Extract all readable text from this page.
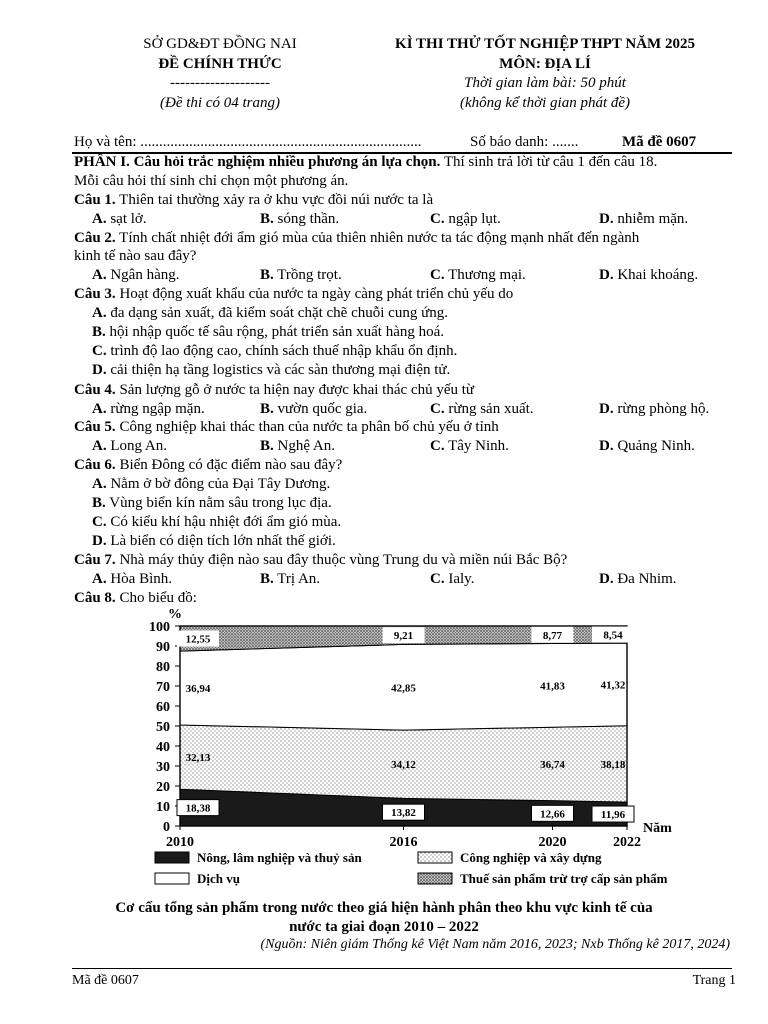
SỞ GD&ĐT ĐỒNG NAI
ĐỀ CHÍNH THỨC
--------------------
(Đề thi có 04 trang)
KÌ THI THỬ TỐT NGHIỆP THPT NĂM 2025
MÔN: ĐỊA LÍ
Thời gian làm bài: 50 phút
(không kể thời gian phát đề)
Họ và tên: ...........................................................................	Số báo danh: .......	Mã đề 0607
PHẦN I. Câu hỏi trắc nghiệm nhiều phương án lựa chọn. Thí sinh trả lời từ câu 1 đến câu 18.
Mỗi câu hỏi thí sinh chỉ chọn một phương án.
Câu 1. Thiên tai thường xảy ra ở khu vực đồi núi nước ta là
A. sạt lở.	B. sóng thần.	C. ngập lụt.	D. nhiễm mặn.
Câu 2. Tính chất nhiệt đới ẩm gió mùa của thiên nhiên nước ta tác động mạnh nhất đến ngành
kinh tế nào sau đây?
A. Ngân hàng.	B. Trồng trọt.	C. Thương mại.	D. Khai khoáng.
Câu 3. Hoạt động xuất khẩu của nước ta ngày càng phát triển chủ yếu do
A. đa dạng sản xuất, đã kiểm soát chặt chẽ chuỗi cung ứng.
B. hội nhập quốc tế sâu rộng, phát triển sản xuất hàng hoá.
C. trình độ lao động cao, chính sách thuế nhập khẩu ổn định.
D. cải thiện hạ tầng logistics và các sàn thương mại điện tử.
Câu 4. Sản lượng gỗ ở nước ta hiện nay được khai thác chủ yếu từ
A. rừng ngập mặn.	B. vườn quốc gia.	C. rừng sản xuất.	D. rừng phòng hộ.
Câu 5. Công nghiệp khai thác than của nước ta phân bố chủ yếu ở tỉnh
A. Long An.	B. Nghệ An.	C. Tây Ninh.	D. Quảng Ninh.
Câu 6. Biển Đông có đặc điểm nào sau đây?
A. Nằm ở bờ đông của Đại Tây Dương.
B. Vùng biển kín nằm sâu trong lục địa.
C. Có kiểu khí hậu nhiệt đới ẩm gió mùa.
D. Là biển có diện tích lớn nhất thế giới.
Câu 7. Nhà máy thủy điện nào sau đây thuộc vùng Trung du và miền núi Bắc Bộ?
A. Hòa Bình.	B. Trị An.	C. Ialy.	D. Đa Nhim.
Câu 8. Cho biểu đồ:
0
10
20
30
40
50
60
70
80
90
100
2010	2016	2020	2022
%
Năm
18,38	13,82	12,66	11,96
32,13
34,12	36,74	38,18
36,94	42,85	41,83	41,32
12,55	9,21	8,77	8,54
Nông, lâm nghiệp và thuỷ sản	Công nghiệp và xây dựng
Dịch vụ	Thuế sản phẩm trừ trợ cấp sản phẩm
Cơ cấu tổng sản phẩm trong nước theo giá hiện hành phân theo khu vực kinh tế của
nước ta giai đoạn 2010 – 2022
(Nguồn: Niên giám Thống kê Việt Nam năm 2016, 2023; Nxb Thống kê 2017, 2024)
Mã đề 0607	Trang 1
